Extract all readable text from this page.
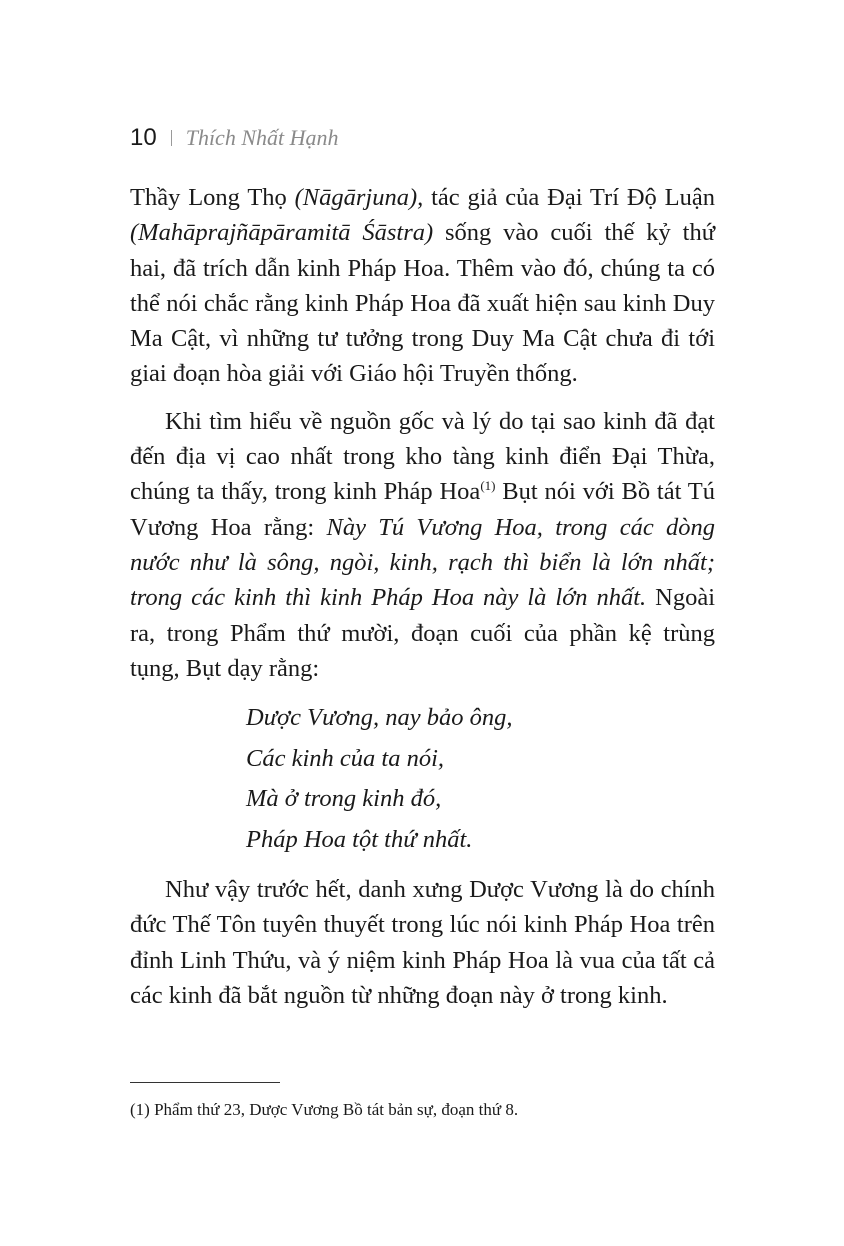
10 Thích Nhất Hạnh

Thầy Long Thọ (Nāgārjuna), tác giả của Đại Trí Độ Luận (Mahāprajñāpāramitā Śāstra) sống vào cuối thế kỷ thứ hai, đã trích dẫn kinh Pháp Hoa. Thêm vào đó, chúng ta có thể nói chắc rằng kinh Pháp Hoa đã xuất hiện sau kinh Duy Ma Cật, vì những tư tưởng trong Duy Ma Cật chưa đi tới giai đoạn hòa giải với Giáo hội Truyền thống.

Khi tìm hiểu về nguồn gốc và lý do tại sao kinh đã đạt đến địa vị cao nhất trong kho tàng kinh điển Đại Thừa, chúng ta thấy, trong kinh Pháp Hoa$^{(1)}$ Bụt nói với Bồ tát Tú Vương Hoa rằng: Này Tú Vương Hoa, trong các dòng nước như là sông, ngòi, kinh, rạch thì biển là lớn nhất; trong các kinh thì kinh Pháp Hoa này là lớn nhất. Ngoài ra, trong Phẩm thứ mười, đoạn cuối của phần kệ trùng tụng, Bụt dạy rằng:

Dược Vương, nay bảo ông,
Các kinh của ta nói,
Mà ở trong kinh đó,
Pháp Hoa tột thứ nhất.

Như vậy trước hết, danh xưng Dược Vương là do chính đức Thế Tôn tuyên thuyết trong lúc nói kinh Pháp Hoa trên đỉnh Linh Thứu, và ý niệm kinh Pháp Hoa là vua của tất cả các kinh đã bắt nguồn từ những đoạn này ở trong kinh.

(1) Phẩm thứ 23, Dược Vương Bồ tát bản sự, đoạn thứ 8.
